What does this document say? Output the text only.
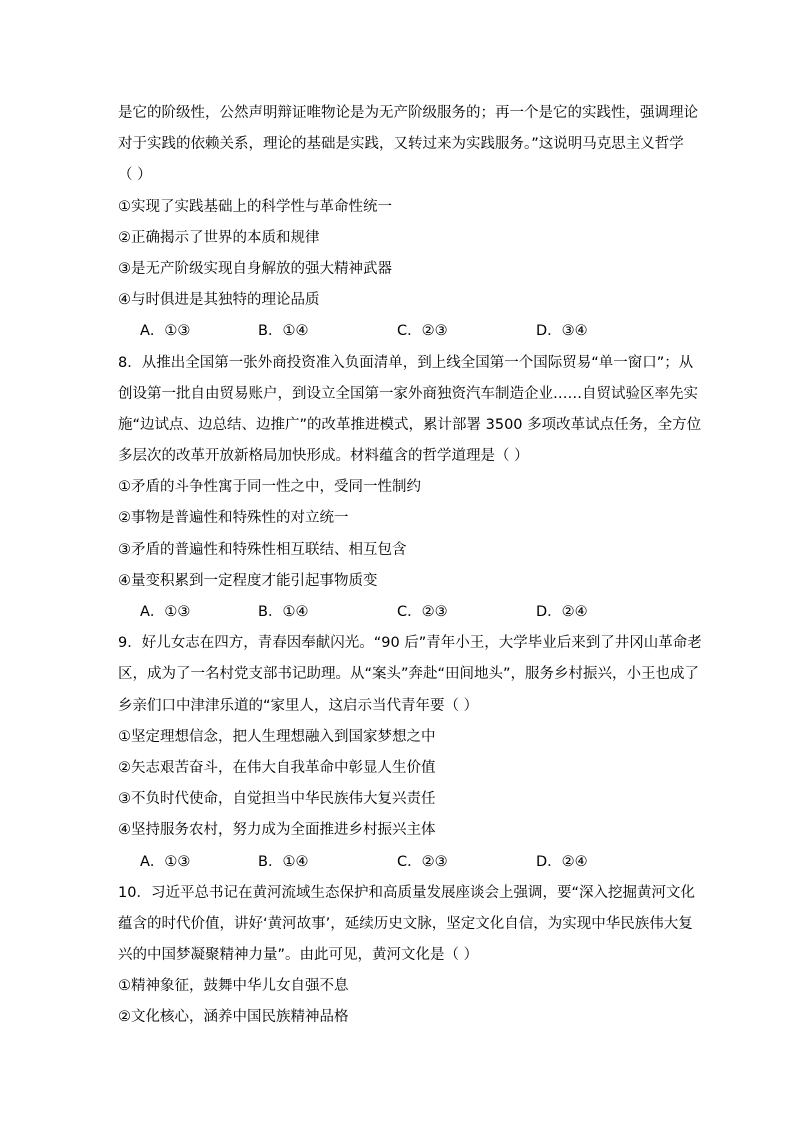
是它的阶级性，公然声明辩证唯物论是为无产阶级服务的；再一个是它的实践性，强调理论
对于实践的依赖关系，理论的基础是实践，又转过来为实践服务。”这说明马克思主义哲学
（ ）
①实现了实践基础上的科学性与革命性统一
②正确揭示了世界的本质和规律
③是无产阶级实现自身解放的强大精神武器
④与时俱进是其独特的理论品质
A．①③	B．①④	C．②③	D．③④
8．从推出全国第一张外商投资准入负面清单，到上线全国第一个国际贸易“单一窗口”；从
创设第一批自由贸易账户，到设立全国第一家外商独资汽车制造企业……自贸试验区率先实
施“边试点、边总结、边推广”的改革推进模式，累计部署 3500 多项改革试点任务，全方位
多层次的改革开放新格局加快形成。材料蕴含的哲学道理是（ ）
①矛盾的斗争性寓于同一性之中，受同一性制约
②事物是普遍性和特殊性的对立统一
③矛盾的普遍性和特殊性相互联结、相互包含
④量变积累到一定程度才能引起事物质变
A．①③	B．①④	C．②③	D．②④
9．好儿女志在四方，青春因奉献闪光。“90 后”青年小王，大学毕业后来到了井冈山革命老
区，成为了一名村党支部书记助理。从“案头”奔赴“田间地头”，服务乡村振兴，小王也成了
乡亲们口中津津乐道的“家里人，这启示当代青年要（ ）
①坚定理想信念，把人生理想融入到国家梦想之中
②矢志艰苦奋斗，在伟大自我革命中彰显人生价值
③不负时代使命，自觉担当中华民族伟大复兴责任
④坚持服务农村，努力成为全面推进乡村振兴主体
A．①③	B．①④	C．②③	D．②④
10．习近平总书记在黄河流域生态保护和高质量发展座谈会上强调，要“深入挖掘黄河文化
蕴含的时代价值，讲好‘黄河故事’，延续历史文脉，坚定文化自信，为实现中华民族伟大复
兴的中国梦凝聚精神力量”。由此可见，黄河文化是（ ）
①精神象征，鼓舞中华儿女自强不息
②文化核心，涵养中国民族精神品格
